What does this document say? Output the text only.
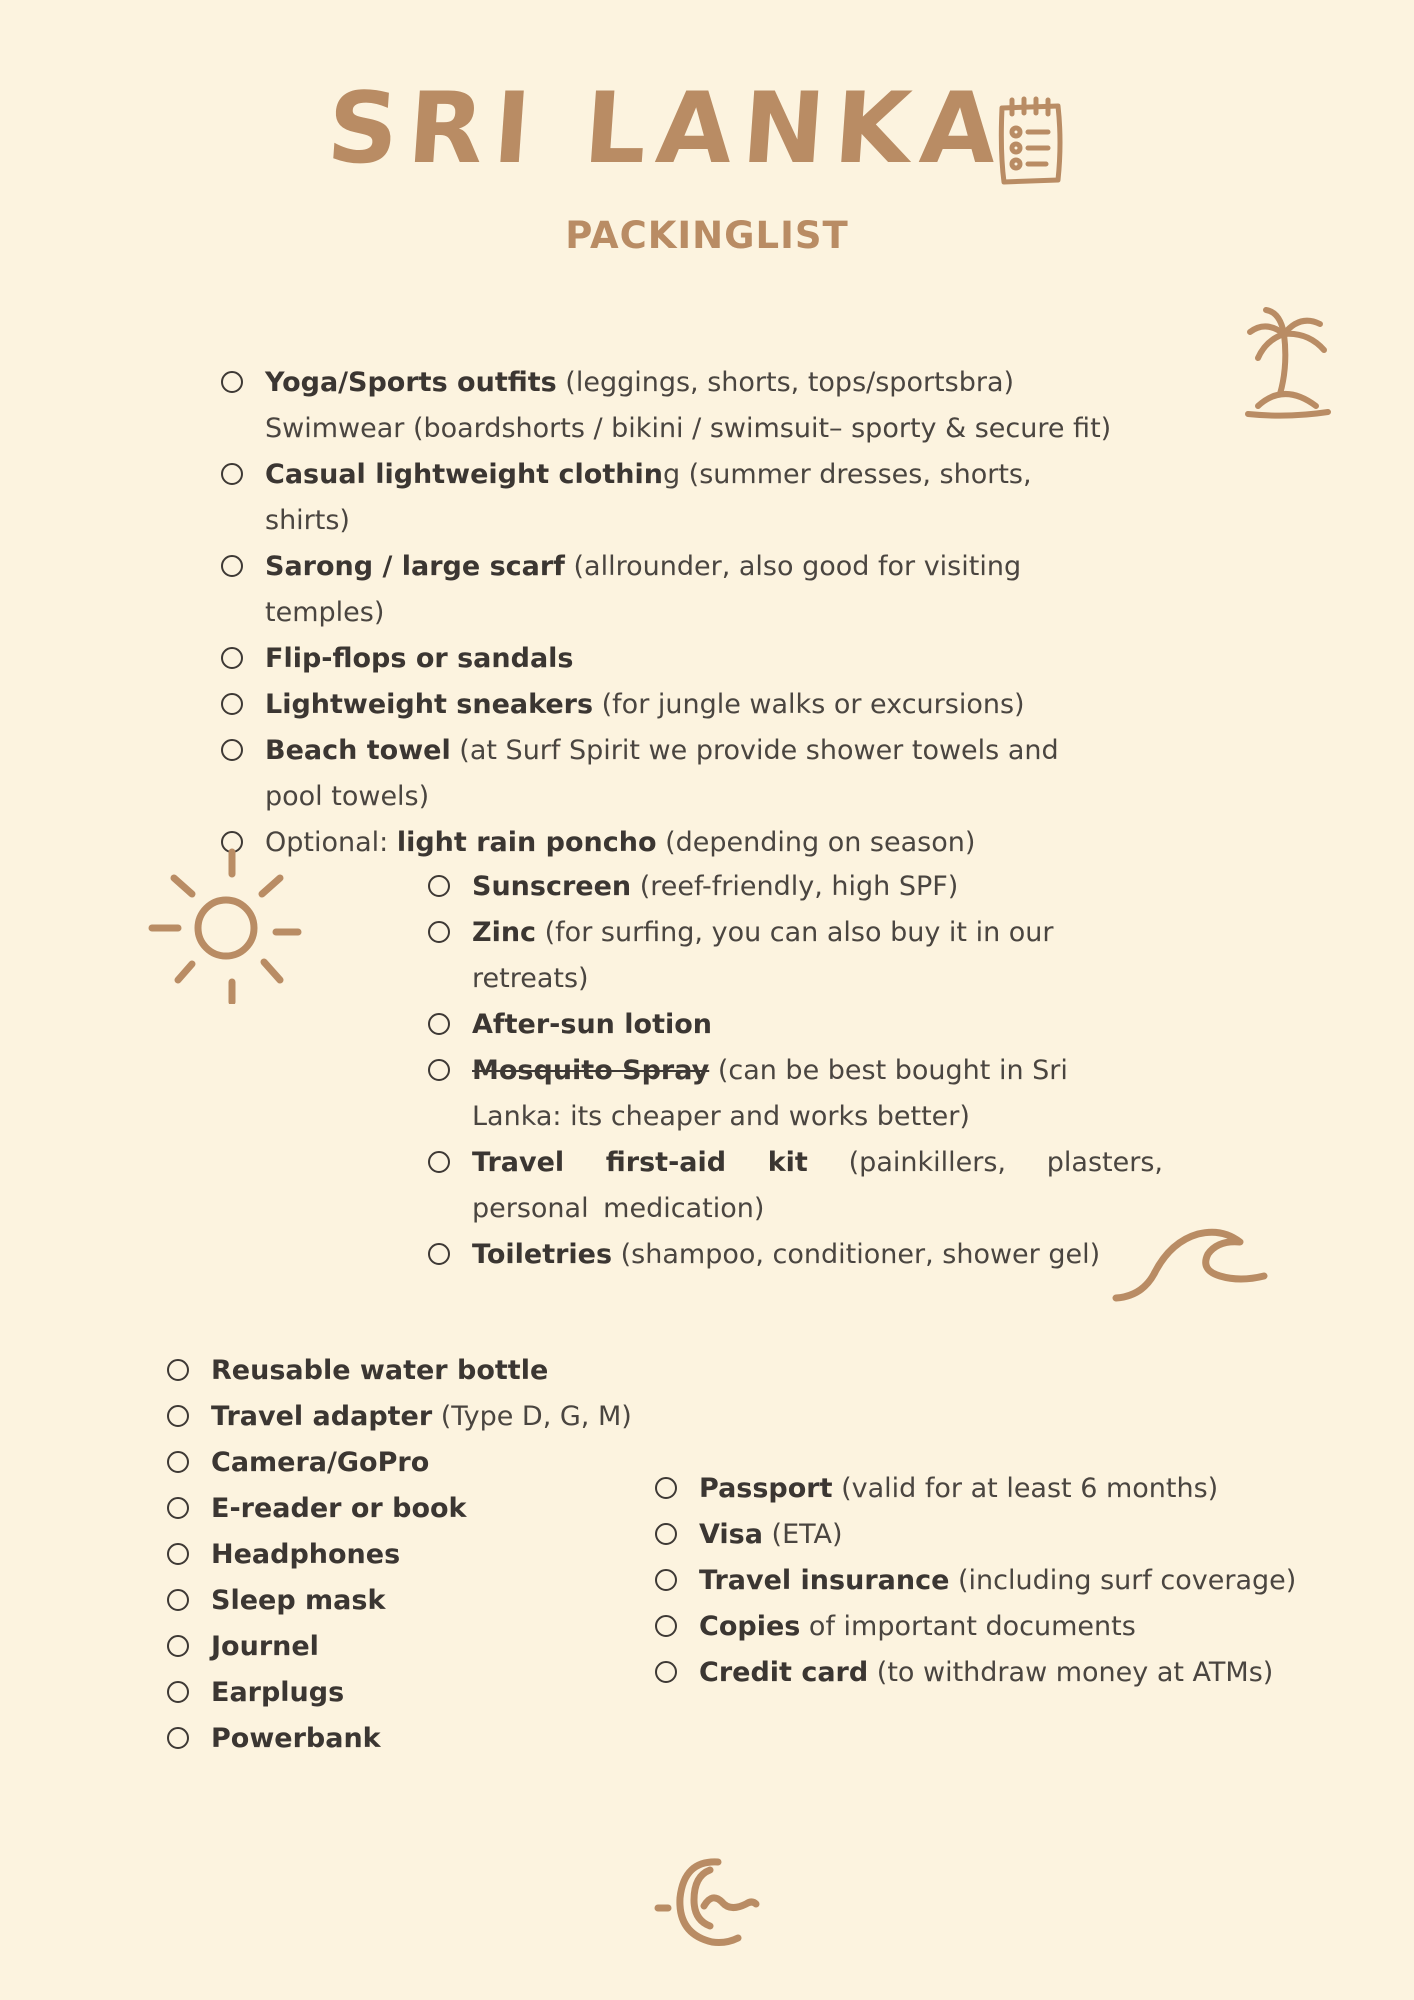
SRI LANKA
PACKINGLIST
Yoga/Sports outfits (leggings, shorts, tops/sportsbra)
Swimwear (boardshorts / bikini / swimsuit– sporty & secure fit)
Casual lightweight clothing (summer dresses, shorts, shirts)
Sarong / large scarf (allrounder, also good for visiting temples)
Flip-flops or sandals
Lightweight sneakers (for jungle walks or excursions)
Beach towel (at Surf Spirit we provide shower towels and pool towels)
Optional: light rain poncho (depending on season)
Sunscreen (reef-friendly, high SPF)
Zinc (for surfing, you can also buy it in our retreats)
After-sun lotion
Mosquito Spray (can be best bought in Sri Lanka: its cheaper and works better)
Travel first-aid kit (painkillers, plasters, personal medication)
Toiletries (shampoo, conditioner, shower gel)
Reusable water bottle
Travel adapter (Type D, G, M)
Camera/GoPro
E-reader or book
Headphones
Sleep mask
Journel
Earplugs
Powerbank
Passport (valid for at least 6 months)
Visa (ETA)
Travel insurance (including surf coverage)
Copies of important documents
Credit card (to withdraw money at ATMs)
